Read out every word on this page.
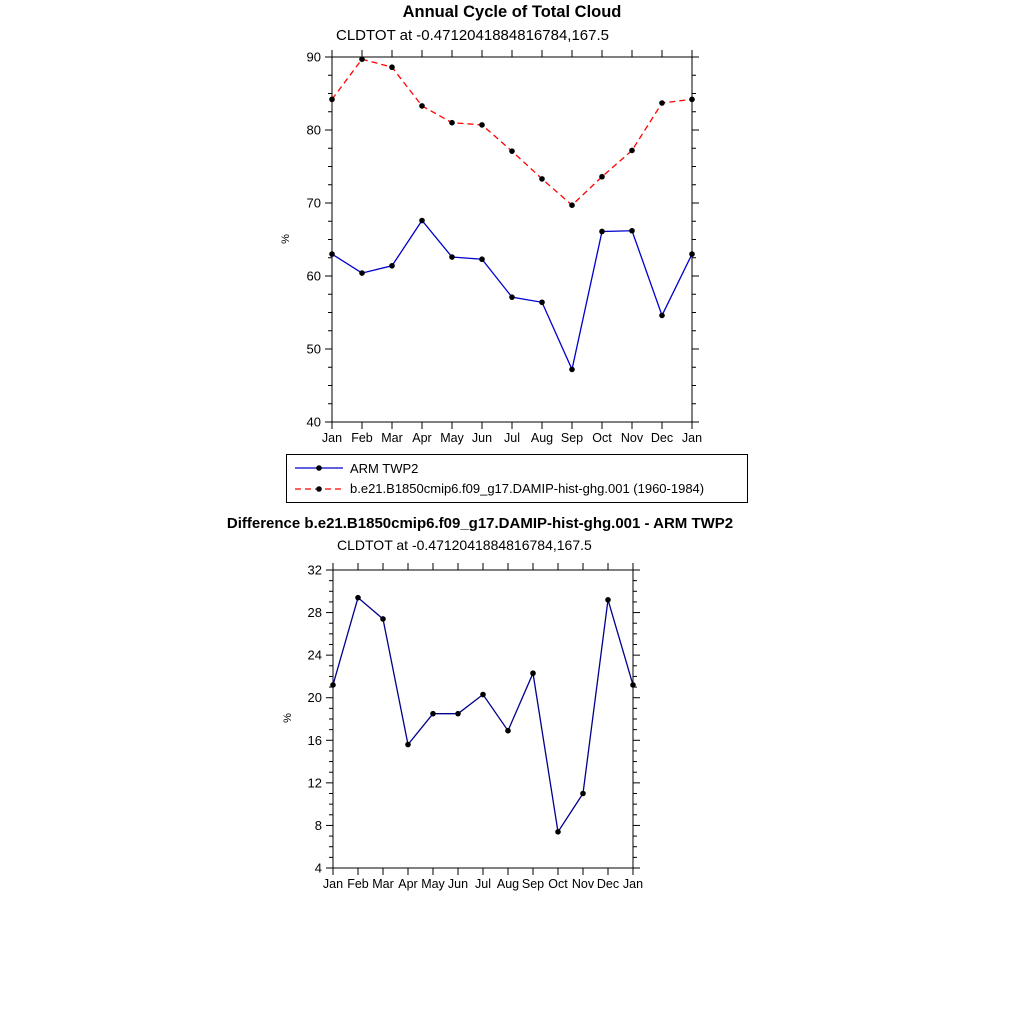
Annual Cycle of Total Cloud
CLDTOT at -0.4712041884816784,167.5
%
40
50
60
70
80
90
Jan Feb Mar Apr May Jun Jul Aug Sep Oct Nov Dec Jan
ARM TWP2
b.e21.B1850cmip6.f09_g17.DAMIP-hist-ghg.001 (1960-1984)
Difference b.e21.B1850cmip6.f09_g17.DAMIP-hist-ghg.001 - ARM TWP2
CLDTOT at -0.4712041884816784,167.5
%
4
8
12
16
20
24
28
32
Jan Feb Mar Apr May Jun Jul Aug Sep Oct Nov Dec Jan
